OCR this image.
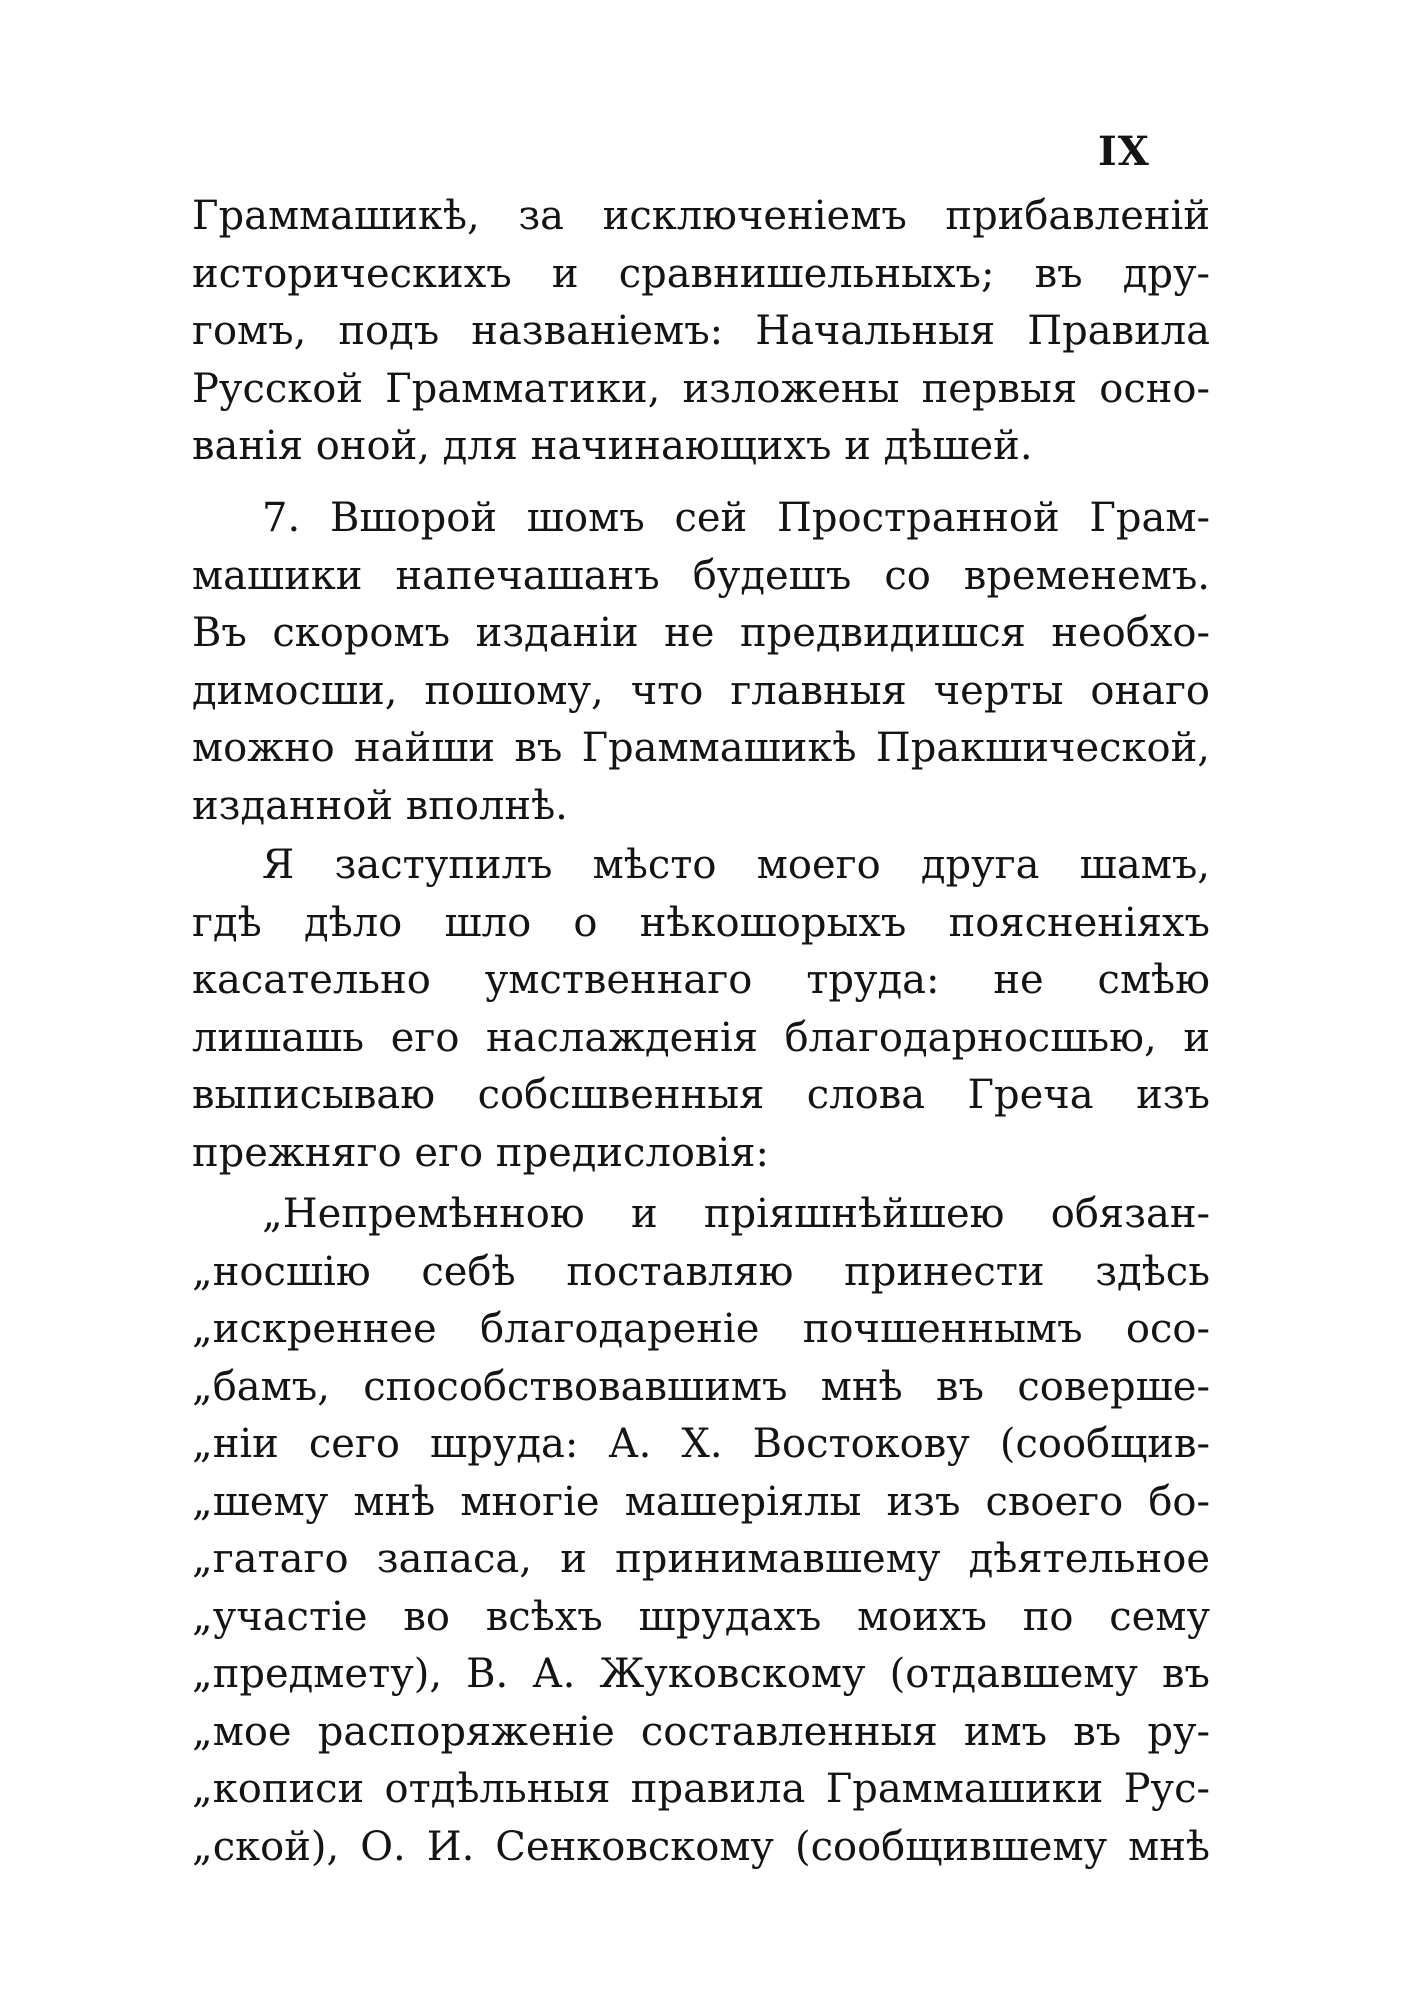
IX
Граммашикѣ, за исключеніемъ прибавленій
историческихъ и сравнишельныхъ; въ дру-
гомъ, подъ названіемъ: Начальныя Правила
Русской Грамматики, изложены первыя осно-
ванія оной, для начинающихъ и дѣшей.
7. Вшорой шомъ сей Пространной Грам-
машики напечашанъ будешъ со временемъ.
Въ скоромъ изданіи не предвидишся необхо-
димосши, пошому, что главныя черты онаго
можно найши въ Граммашикѣ Пракшической,
изданной вполнѣ.
Я заступилъ мѣсто моего друга шамъ,
гдѣ дѣло шло о нѣкошорыхъ поясненіяхъ
касательно умственнаго труда: не смѣю
лишашь его наслажденія благодарносшью, и
выписываю собсшвенныя слова Греча изъ
прежняго его предисловія:
„Непремѣнною и пріяшнѣйшею обязан-
„носшію себѣ поставляю принести здѣсь
„искреннее благодареніе почшеннымъ осо-
„бамъ, способствовавшимъ мнѣ въ соверше-
„ніи сего шруда: А. Х. Востокову (сообщив-
„шему мнѣ многіе машеріялы изъ своего бо-
„гатаго запаса, и принимавшему дѣятельное
„участіе во всѣхъ шрудахъ моихъ по сему
„предмету), В. А. Жуковскому (отдавшему въ
„мое распоряженіе составленныя имъ въ ру-
„кописи отдѣльныя правила Граммашики Рус-
„ской), О. И. Сенковскому (сообщившему мнѣ
